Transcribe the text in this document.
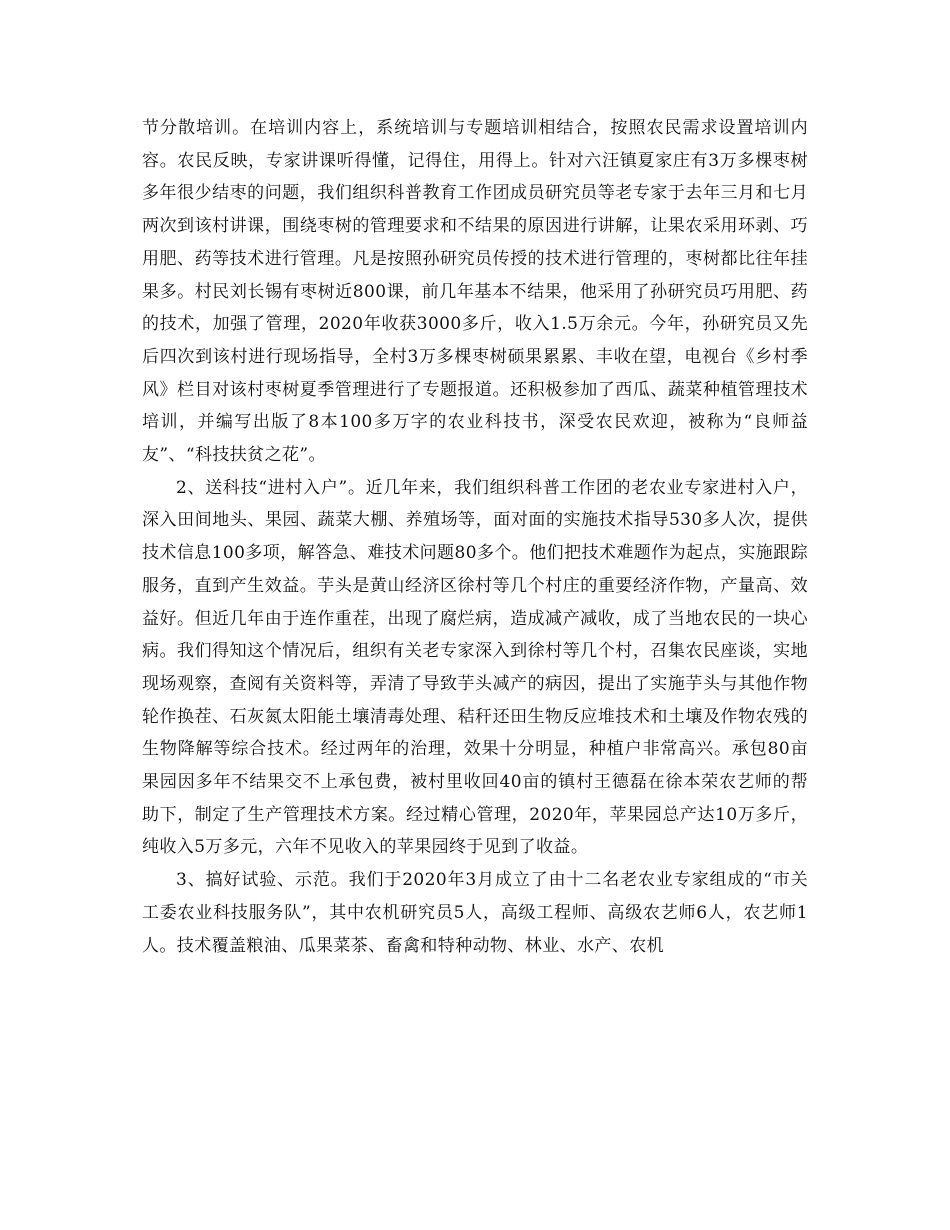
节分散培训。在培训内容上，系统培训与专题培训相结合，按照农民需求设置培训内容。农民反映，专家讲课听得懂，记得住，用得上。针对六汪镇夏家庄有3万多棵枣树多年很少结枣的问题，我们组织科普教育工作团成员研究员等老专家于去年三月和七月两次到该村讲课，围绕枣树的管理要求和不结果的原因进行讲解，让果农采用环剥、巧用肥、药等技术进行管理。凡是按照孙研究员传授的技术进行管理的，枣树都比往年挂果多。村民刘长锡有枣树近800课，前几年基本不结果，他采用了孙研究员巧用肥、药的技术，加强了管理，2020年收获3000多斤，收入1.5万余元。今年，孙研究员又先后四次到该村进行现场指导，全村3万多棵枣树硕果累累、丰收在望，电视台《乡村季风》栏目对该村枣树夏季管理进行了专题报道。还积极参加了西瓜、蔬菜种植管理技术培训，并编写出版了8本100多万字的农业科技书，深受农民欢迎，被称为“良师益友”、“科技扶贫之花”。

2、送科技“进村入户”。近几年来，我们组织科普工作团的老农业专家进村入户，深入田间地头、果园、蔬菜大棚、养殖场等，面对面的实施技术指导530多人次，提供技术信息100多项，解答急、难技术问题80多个。他们把技术难题作为起点，实施跟踪服务，直到产生效益。芋头是黄山经济区徐村等几个村庄的重要经济作物，产量高、效益好。但近几年由于连作重茬，出现了腐烂病，造成减产减收，成了当地农民的一块心病。我们得知这个情况后，组织有关老专家深入到徐村等几个村，召集农民座谈，实地现场观察，查阅有关资料等，弄清了导致芋头减产的病因，提出了实施芋头与其他作物轮作换茬、石灰氮太阳能土壤清毒处理、秸秆还田生物反应堆技术和土壤及作物农残的生物降解等综合技术。经过两年的治理，效果十分明显，种植户非常高兴。承包80亩果园因多年不结果交不上承包费，被村里收回40亩的镇村王德磊在徐本荣农艺师的帮助下，制定了生产管理技术方案。经过精心管理，2020年，苹果园总产达10万多斤，纯收入5万多元，六年不见收入的苹果园终于见到了收益。

3、搞好试验、示范。我们于2020年3月成立了由十二名老农业专家组成的“市关工委农业科技服务队”，其中农机研究员5人，高级工程师、高级农艺师6人，农艺师1人。技术覆盖粮油、瓜果菜茶、畜禽和特种动物、林业、水产、农机
